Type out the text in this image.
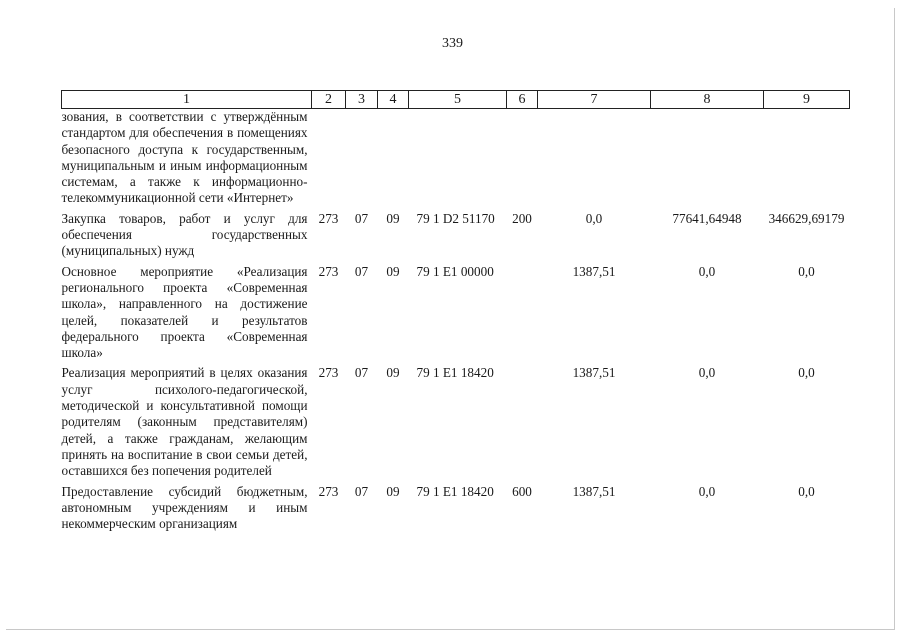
339
1	2	3	4	5	6	7	8	9
зования, в соответствии с утверждённым стандартом для обеспечения в помещениях безопасного доступа к государственным, муниципальным и иным информационным системам, а также к информационно-телекоммуникационной сети «Интернет»								
Закупка товаров, работ и услуг для обеспечения государственных (муниципальных) нужд	273	07	09	79 1 D2 51170	200	0,0	77641,64948	346629,69179
Основное мероприятие «Реализация регионального проекта «Современная школа», направленного на достижение целей, показателей и результатов федерального проекта «Современная школа»	273	07	09	79 1 E1 00000		1387,51	0,0	0,0
Реализация мероприятий в целях оказания услуг психолого-педагогической, методической и консультативной помощи родителям (законным представителям) детей, а также гражданам, желающим принять на воспитание в свои семьи детей, оставшихся без попечения родителей	273	07	09	79 1 E1 18420		1387,51	0,0	0,0
Предоставление субсидий бюджетным, автономным учреждениям и иным некоммерческим организациям	273	07	09	79 1 E1 18420	600	1387,51	0,0	0,0
